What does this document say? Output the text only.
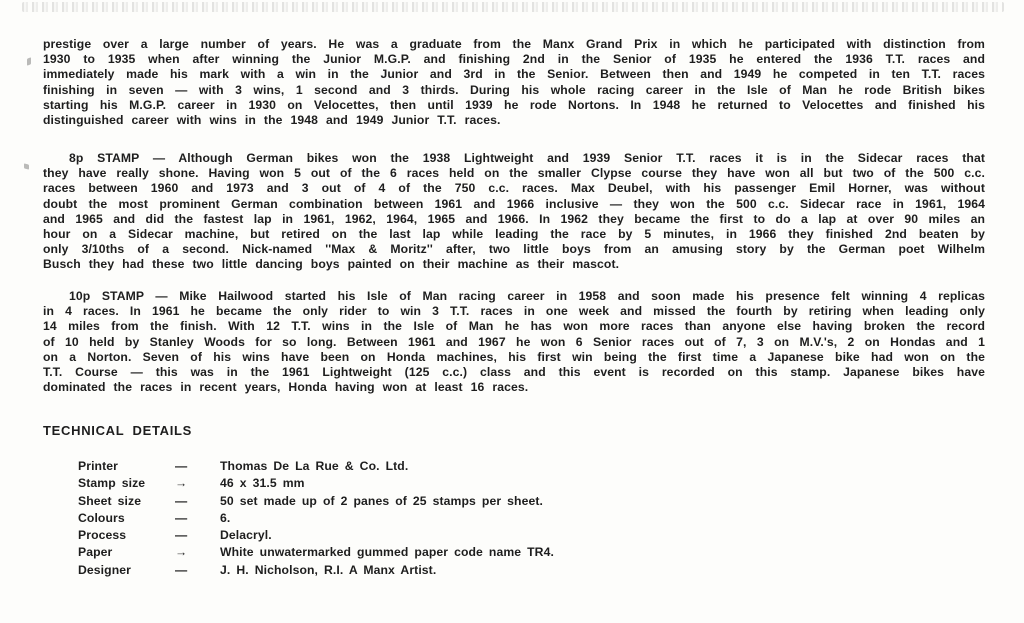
prestige over a large number of years. He was a graduate from the Manx Grand Prix in which he participated with distinction from
1930 to 1935 when after winning the Junior M.G.P. and finishing 2nd in the Senior of 1935 he entered the 1936 T.T. races and
immediately made his mark with a win in the Junior and 3rd in the Senior. Between then and 1949 he competed in ten T.T. races
finishing in seven — with 3 wins, 1 second and 3 thirds. During his whole racing career in the Isle of Man he rode British bikes
starting his M.G.P. career in 1930 on Velocettes, then until 1939 he rode Nortons. In 1948 he returned to Velocettes and finished his
distinguished career with wins in the 1948 and 1949 Junior T.T. races.
8p STAMP — Although German bikes won the 1938 Lightweight and 1939 Senior T.T. races it is in the Sidecar races that
they have really shone. Having won 5 out of the 6 races held on the smaller Clypse course they have won all but two of the 500 c.c.
races between 1960 and 1973 and 3 out of 4 of the 750 c.c. races. Max Deubel, with his passenger Emil Horner, was without
doubt the most prominent German combination between 1961 and 1966 inclusive — they won the 500 c.c. Sidecar race in 1961, 1964
and 1965 and did the fastest lap in 1961, 1962, 1964, 1965 and 1966. In 1962 they became the first to do a lap at over 90 miles an
hour on a Sidecar machine, but retired on the last lap while leading the race by 5 minutes, in 1966 they finished 2nd beaten by
only 3/10ths of a second. Nick-named ''Max & Moritz'' after, two little boys from an amusing story by the German poet Wilhelm
Busch they had these two little dancing boys painted on their machine as their mascot.
10p STAMP — Mike Hailwood started his Isle of Man racing career in 1958 and soon made his presence felt winning 4 replicas
in 4 races. In 1961 he became the only rider to win 3 T.T. races in one week and missed the fourth by retiring when leading only
14 miles from the finish. With 12 T.T. wins in the Isle of Man he has won more races than anyone else having broken the record
of 10 held by Stanley Woods for so long. Between 1961 and 1967 he won 6 Senior races out of 7, 3 on M.V.'s, 2 on Hondas and 1
on a Norton. Seven of his wins have been on Honda machines, his first win being the first time a Japanese bike had won on the
T.T. Course — this was in the 1961 Lightweight (125 c.c.) class and this event is recorded on this stamp. Japanese bikes have
dominated the races in recent years, Honda having won at least 16 races.
TECHNICAL DETAILS
Printer	—	Thomas De La Rue & Co. Ltd.
Stamp size	→	46 x 31.5 mm
Sheet size	—	50 set made up of 2 panes of 25 stamps per sheet.
Colours	—	6.
Process	—	Delacryl.
Paper	→	White unwatermarked gummed paper code name TR4.
Designer	—	J. H. Nicholson, R.I. A Manx Artist.
